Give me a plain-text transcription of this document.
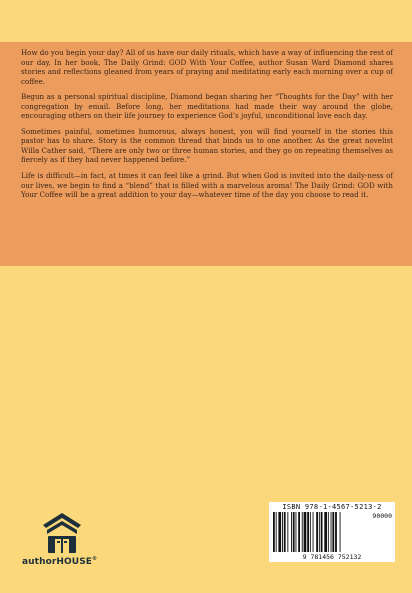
How do you begin your day? All of us have our daily rituals, which have a way of influencing the rest of our day. In her book, The Daily Grind: GOD With Your Coffee, author Susan Ward Diamond shares stories and reflections gleaned from years of praying and meditating early each morning over a cup of coffee.

Begun as a personal spiritual discipline, Diamond began sharing her “Thoughts for the Day” with her congregation by email. Before long, her meditations had made their way around the globe, encouraging others on their life journey to experience God’s joyful, unconditional love each day.

Sometimes painful, sometimes humorous, always honest, you will find yourself in the stories this pastor has to share. Story is the common thread that binds us to one another. As the great novelist Willa Cather said, “There are only two or three human stories, and they go on repeating themselves as fiercely as if they had never happened before.”

Life is difficult—in fact, at times it can feel like a grind. But when God is invited into the daily-ness of our lives, we begin to find a “blend” that is filled with a marvelous aroma! The Daily Grind: GOD with Your Coffee will be a great addition to your day—whatever time of the day you choose to read it.

authorHOUSE®
ISBN 978-1-4567-5213-2
90000
9 781456 752132
